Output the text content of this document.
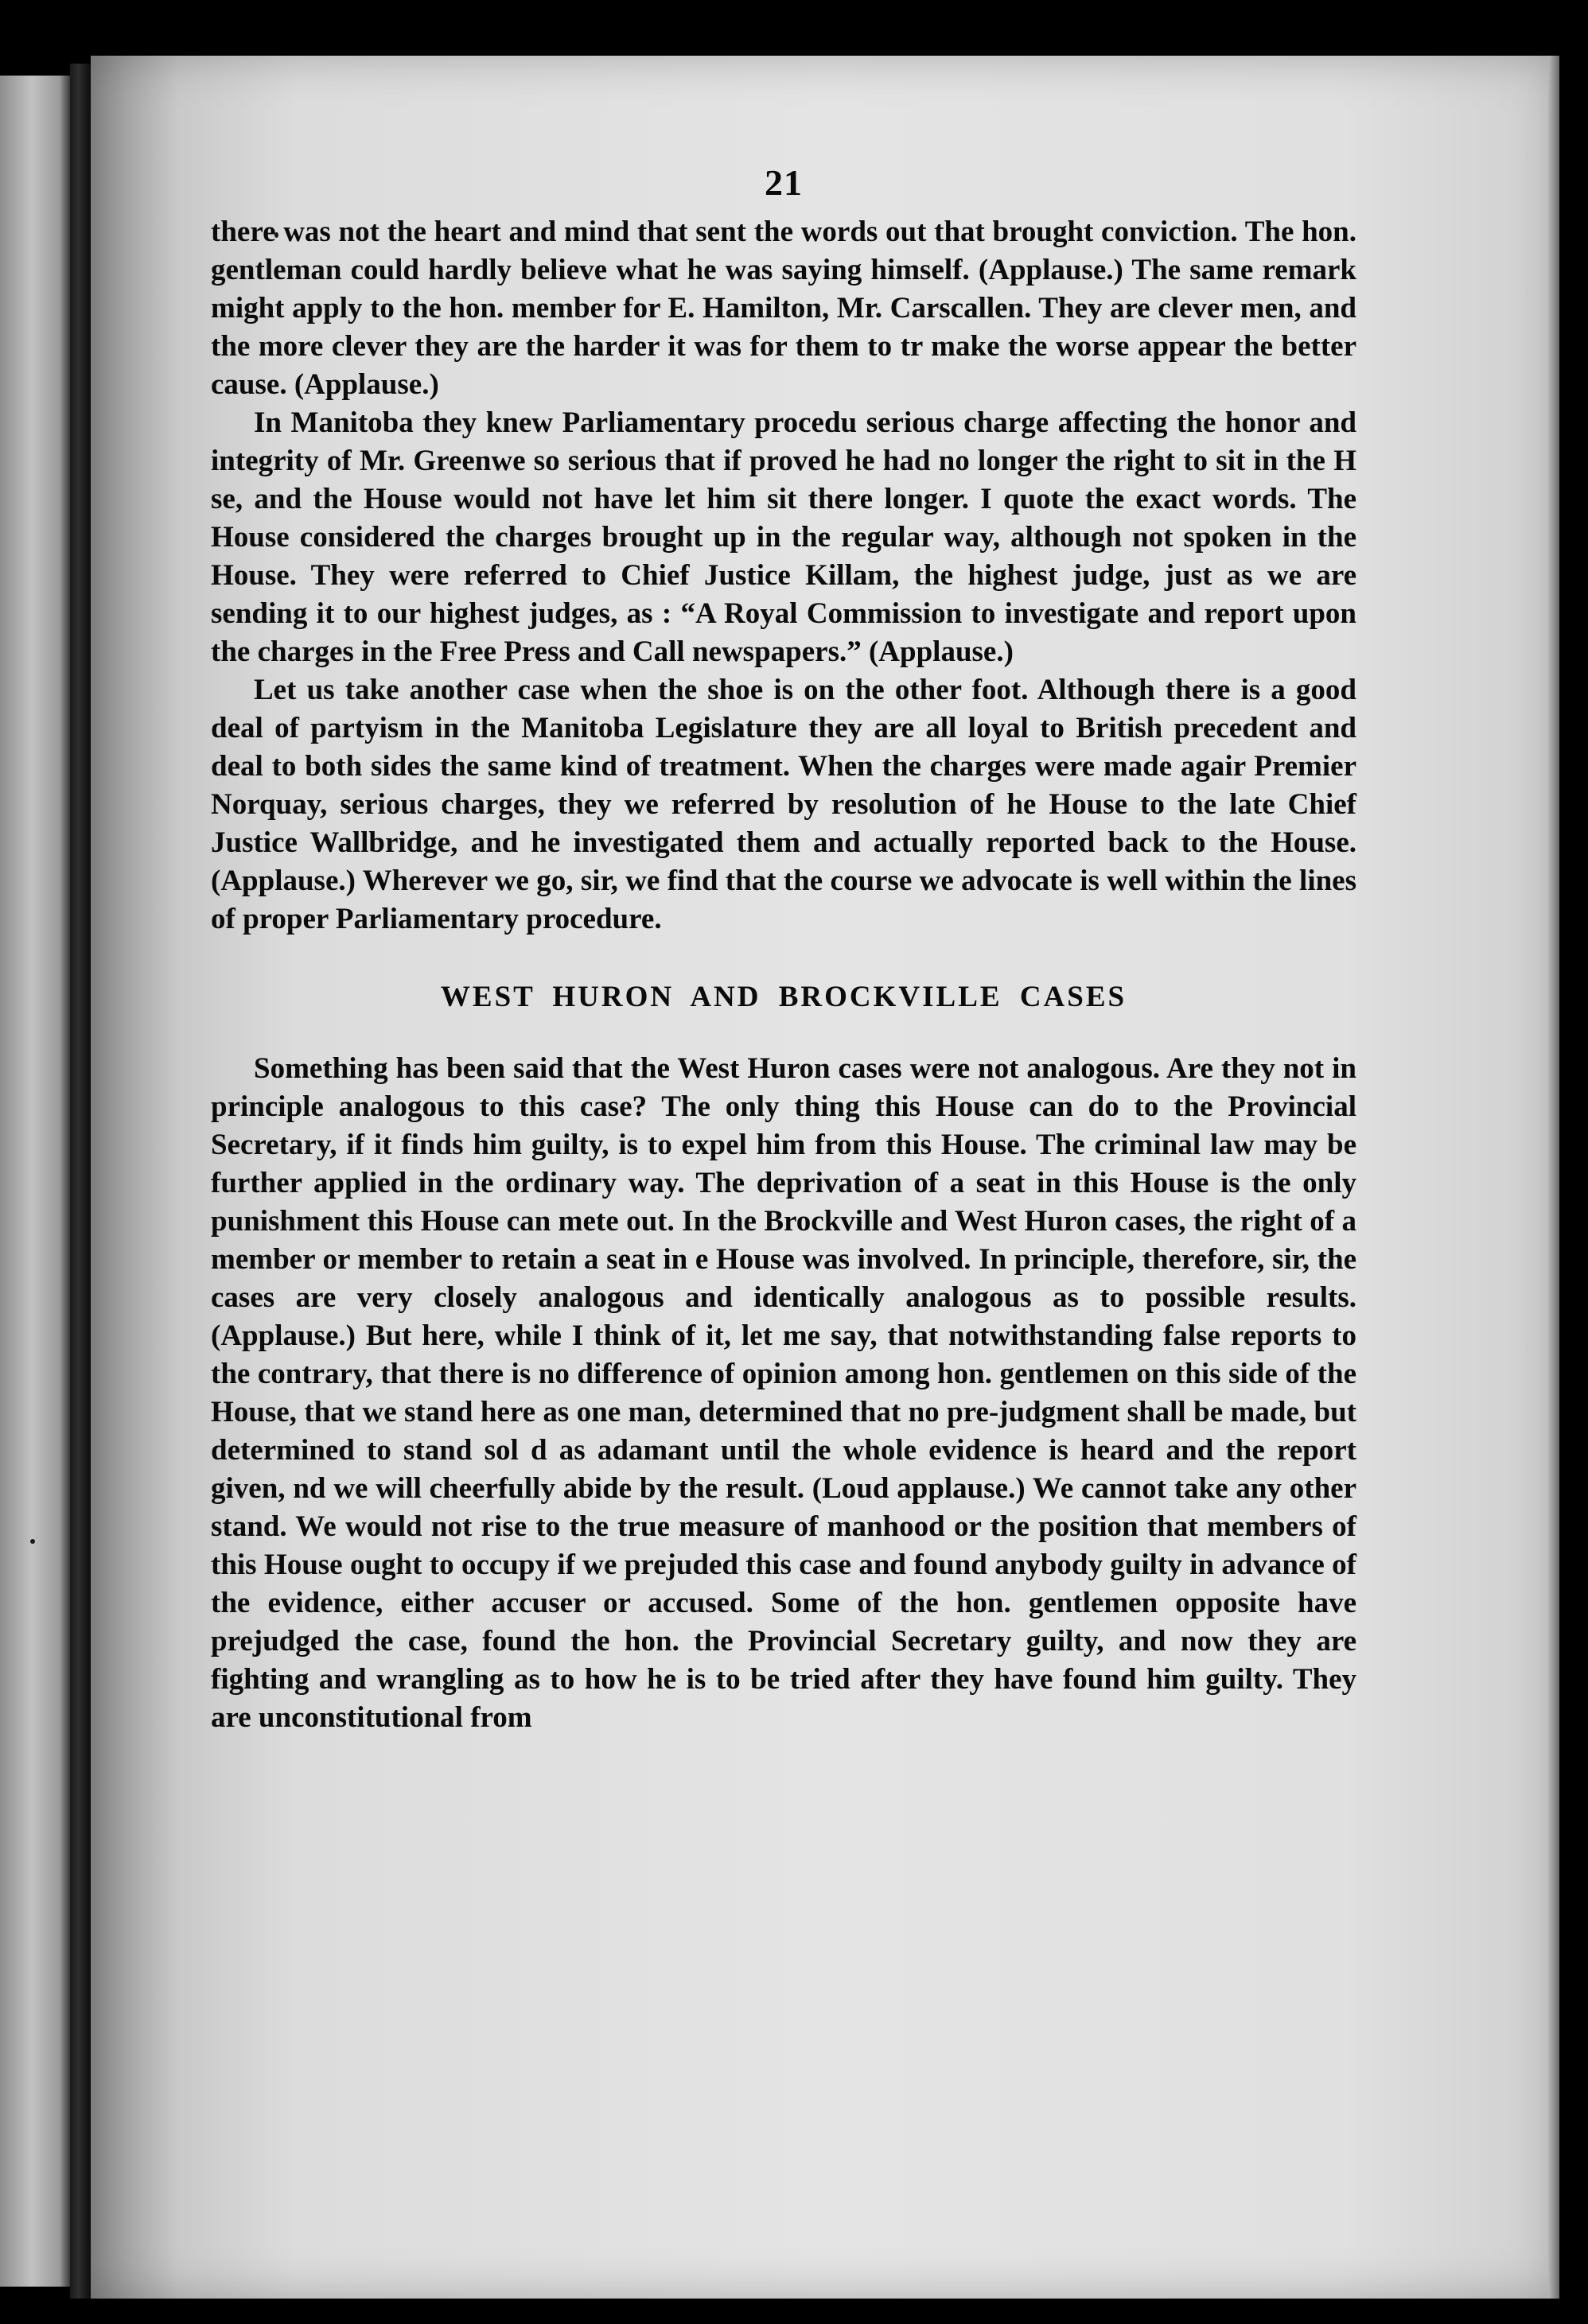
21

there was not the heart and mind that sent the words out that brought conviction. The hon. gentleman could hardly believe what he was saying himself. (Applause.) The same remark might apply to the hon. member for E. Hamilton, Mr. Carscallen. They are clever men, and the more clever they are the harder it was for them to tr make the worse appear the better cause. (Applause.)

In Manitoba they knew Parliamentary procedu serious charge affecting the honor and integrity of Mr. Greenwe so serious that if proved he had no longer the right to sit in the H se, and the House would not have let him sit there longer. I quote the exact words. The House considered the charges brought up in the regular way, although not spoken in the House. They were referred to Chief Justice Killam, the highest judge, just as we are sending it to our highest judges, as : “A Royal Commission to investigate and report upon the charges in the Free Press and Call newspapers.” (Applause.)

Let us take another case when the shoe is on the other foot. Although there is a good deal of partyism in the Manitoba Legislature they are all loyal to British precedent and deal to both sides the same kind of treatment. When the charges were made agair Premier Norquay, serious charges, they we referred by resolution of he House to the late Chief Justice Wallbridge, and he investigated them and actually reported back to the House. (Applause.) Wherever we go, sir, we find that the course we advocate is well within the lines of proper Parliamentary procedure.

WEST HURON AND BROCKVILLE CASES

Something has been said that the West Huron cases were not analogous. Are they not in principle analogous to this case? The only thing this House can do to the Provincial Secretary, if it finds him guilty, is to expel him from this House. The criminal law may be further applied in the ordinary way. The deprivation of a seat in this House is the only punishment this House can mete out. In the Brockville and West Huron cases, the right of a member or member to retain a seat in e House was involved. In principle, therefore, sir, the cases are very closely analogous and identically analogous as to possible results. (Applause.) But here, while I think of it, let me say, that notwithstanding false reports to the contrary, that there is no difference of opinion among hon. gentlemen on this side of the House, that we stand here as one man, determined that no pre-judgment shall be made, but determined to stand sol d as adamant until the whole evidence is heard and the report given, nd we will cheerfully abide by the result. (Loud applause.) We cannot take any other stand. We would not rise to the true measure of manhood or the position that members of this House ought to occupy if we prejuded this case and found anybody guilty in advance of the evidence, either accuser or accused. Some of the hon. gentlemen opposite have prejudged the case, found the hon. the Provincial Secretary guilty, and now they are fighting and wrangling as to how he is to be tried after they have found him guilty. They are unconstitutional from
